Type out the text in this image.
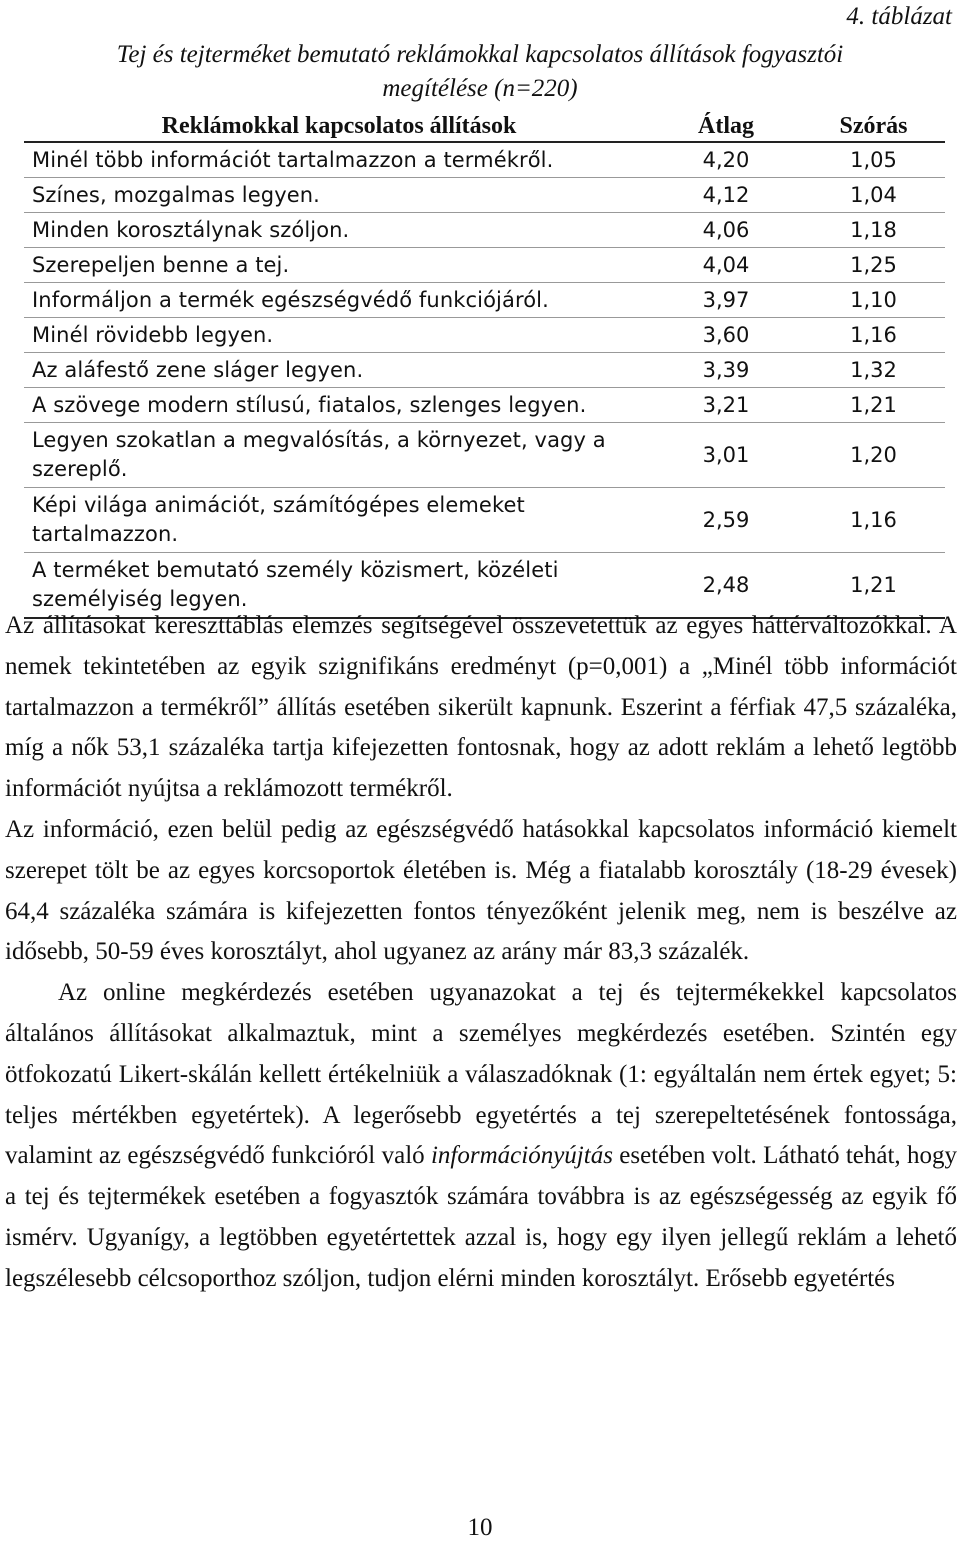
4. táblázat
Tej és tejterméket bemutató reklámokkal kapcsolatos állítások fogyasztói
megítélése (n=220)
Reklámokkal kapcsolatos állítások	Átlag	Szórás
Minél több információt tartalmazzon a termékről.	4,20	1,05
Színes, mozgalmas legyen.	4,12	1,04
Minden korosztálynak szóljon.	4,06	1,18
Szerepeljen benne a tej.	4,04	1,25
Informáljon a termék egészségvédő funkciójáról.	3,97	1,10
Minél rövidebb legyen.	3,60	1,16
Az aláfestő zene sláger legyen.	3,39	1,32
A szövege modern stílusú, fiatalos, szlenges legyen.	3,21	1,21
Legyen szokatlan a megvalósítás, a környezet, vagy a szereplő.	3,01	1,20
Képi világa animációt, számítógépes elemeket tartalmazzon.	2,59	1,16
A terméket bemutató személy közismert, közéleti személyiség legyen.	2,48	1,21

Az állításokat kereszttáblás elemzés segítségével összevetettük az egyes háttérváltozókkal. A nemek tekintetében az egyik szignifikáns eredményt (p=0,001) a „Minél több információt tartalmazzon a termékről” állítás esetében sikerült kapnunk. Eszerint a férfiak 47,5 százaléka, míg a nők 53,1 százaléka tartja kifejezetten fontosnak, hogy az adott reklám a lehető legtöbb információt nyújtsa a reklámozott termékről.

Az információ, ezen belül pedig az egészségvédő hatásokkal kapcsolatos információ kiemelt szerepet tölt be az egyes korcsoportok életében is. Még a fiatalabb korosztály (18-29 évesek) 64,4 százaléka számára is kifejezetten fontos tényezőként jelenik meg, nem is beszélve az idősebb, 50-59 éves korosztályt, ahol ugyanez az arány már 83,3 százalék.

Az online megkérdezés esetében ugyanazokat a tej és tejtermékekkel kapcsolatos általános állításokat alkalmaztuk, mint a személyes megkérdezés esetében. Szintén egy ötfokozatú Likert-skálán kellett értékelniük a válaszadóknak (1: egyáltalán nem értek egyet; 5: teljes mértékben egyetértek). A legerősebb egyetértés a tej szerepeltetésének fontossága, valamint az egészségvédő funkcióról való információnyújtás esetében volt. Látható tehát, hogy a tej és tejtermékek esetében a fogyasztók számára továbbra is az egészségesség az egyik fő ismérv. Ugyanígy, a legtöbben egyetértettek azzal is, hogy egy ilyen jellegű reklám a lehető legszélesebb célcsoporthoz szóljon, tudjon elérni minden korosztályt. Erősebb egyetértés

10
